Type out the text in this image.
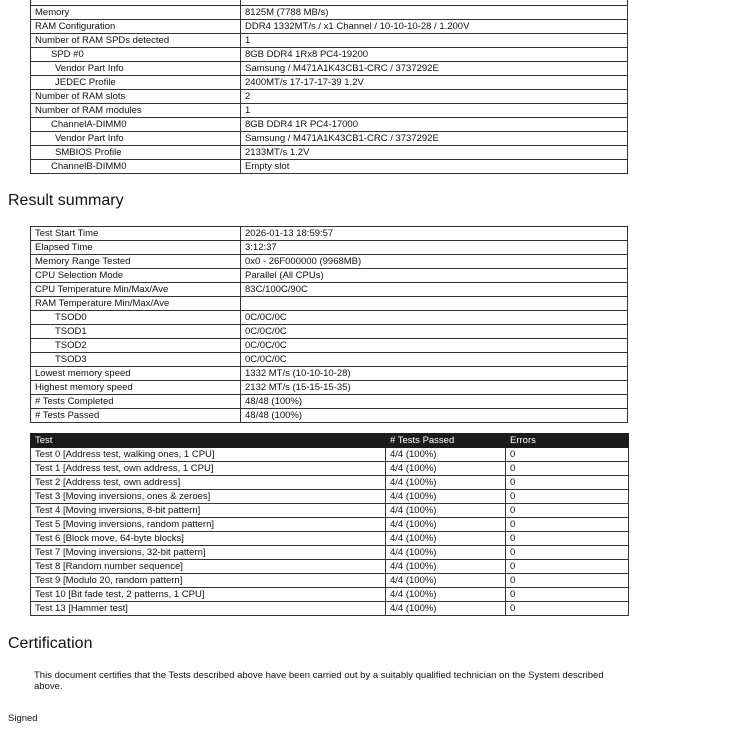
Memory	8125M (7788 MB/s)
RAM Configuration	DDR4 1332MT/s / x1 Channel / 10-10-10-28 / 1.200V
Number of RAM SPDs detected	1
SPD #0	8GB DDR4 1Rx8 PC4-19200
Vendor Part Info	Samsung / M471A1K43CB1-CRC / 3737292E
JEDEC Profile	2400MT/s 17-17-17-39 1.2V
Number of RAM slots	2
Number of RAM modules	1
ChannelA-DIMM0	8GB DDR4 1R PC4-17000
Vendor Part Info	Samsung / M471A1K43CB1-CRC / 3737292E
SMBIOS Profile	2133MT/s 1.2V
ChannelB-DIMM0	Empty slot
Result summary
Test Start Time	2026-01-13 18:59:57
Elapsed Time	3:12:37
Memory Range Tested	0x0 - 26F000000 (9968MB)
CPU Selection Mode	Parallel (All CPUs)
CPU Temperature Min/Max/Ave	83C/100C/90C
RAM Temperature Min/Max/Ave	
TSOD0	0C/0C/0C
TSOD1	0C/0C/0C
TSOD2	0C/0C/0C
TSOD3	0C/0C/0C
Lowest memory speed	1332 MT/s (10-10-10-28)
Highest memory speed	2132 MT/s (15-15-15-35)
# Tests Completed	48/48 (100%)
# Tests Passed	48/48 (100%)
Test	# Tests Passed	Errors
Test 0 [Address test, walking ones, 1 CPU]	4/4 (100%)	0
Test 1 [Address test, own address, 1 CPU]	4/4 (100%)	0
Test 2 [Address test, own address]	4/4 (100%)	0
Test 3 [Moving inversions, ones & zeroes]	4/4 (100%)	0
Test 4 [Moving inversions, 8-bit pattern]	4/4 (100%)	0
Test 5 [Moving inversions, random pattern]	4/4 (100%)	0
Test 6 [Block move, 64-byte blocks]	4/4 (100%)	0
Test 7 [Moving inversions, 32-bit pattern]	4/4 (100%)	0
Test 8 [Random number sequence]	4/4 (100%)	0
Test 9 [Modulo 20, random pattern]	4/4 (100%)	0
Test 10 [Bit fade test, 2 patterns, 1 CPU]	4/4 (100%)	0
Test 13 [Hammer test]	4/4 (100%)	0
Certification

This document certifies that the Tests described above have been carried out by a suitably qualified technician on the System described above.

Signed
